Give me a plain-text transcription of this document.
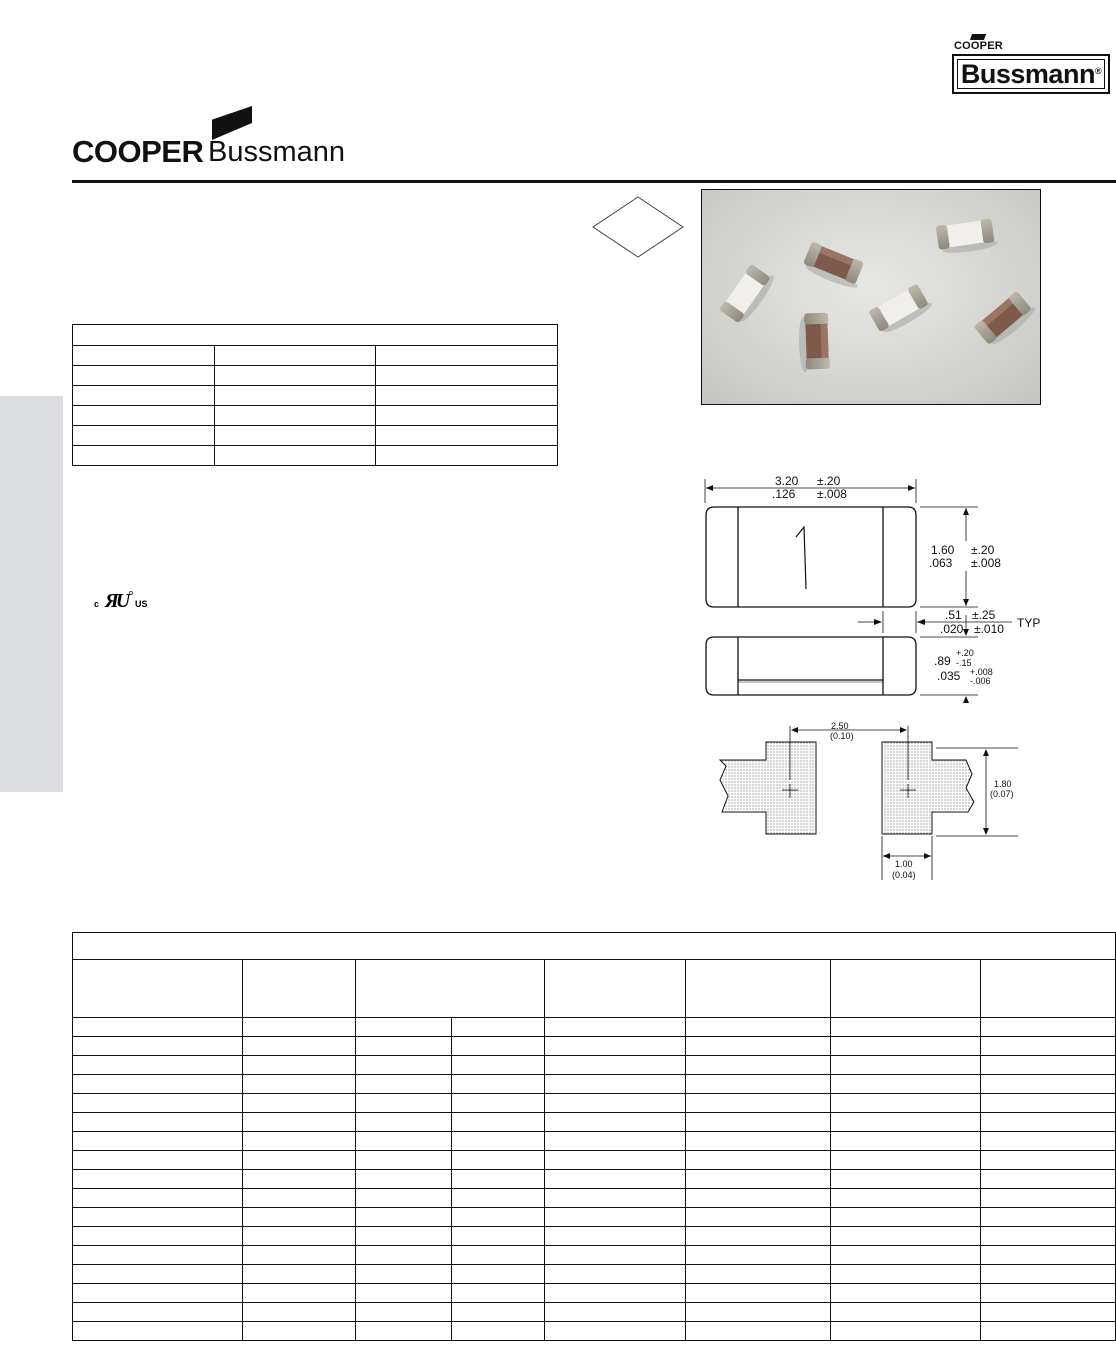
COOPER
Bussmann ®
COOPER Bussmann

c ЯU US
3.20 ±.20
.126 ±.008
1.60 ±.20
.063 ±.008
.51 ±.25
.020 ±.010 TYP
.89
.035
+.20
-.15
+.008
-.006
2.50
(0.10)
1.80
(0.07)
1.00
(0.04)
